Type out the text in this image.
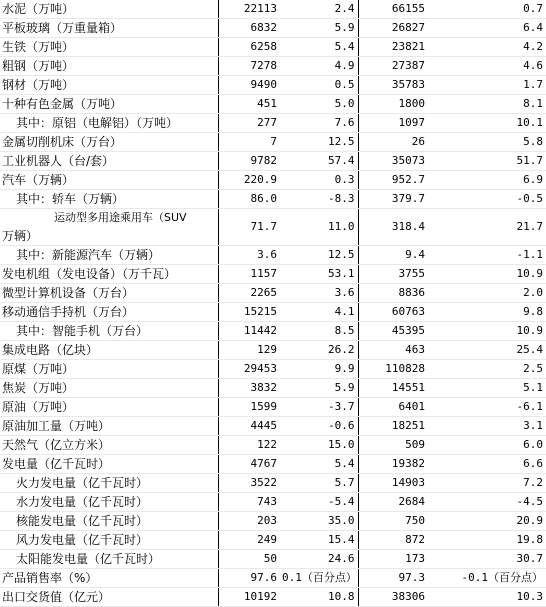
水泥（万吨）	22113	2.4	66155	0.7
平板玻璃（万重量箱）	6832	5.9	26827	6.4
生铁（万吨）	6258	5.4	23821	4.2
粗钢（万吨）	7278	4.9	27387	4.6
钢材（万吨）	9490	0.5	35783	1.7
十种有色金属（万吨）	451	5.0	1800	8.1
其中：原铝（电解铝）（万吨）	277	7.6	1097	10.1
金属切削机床（万台）	7	12.5	26	5.8
工业机器人（台/套）	9782	57.4	35073	51.7
汽车（万辆）	220.9	0.3	952.7	6.9
其中：轿车（万辆）	86.0	-8.3	379.7	-0.5

运动型多用途乘用车（SUV
万辆）	71.7	11.0	318.4	21.7
其中：新能源汽车（万辆）	3.6	12.5	9.4	-1.1
发电机组（发电设备）（万千瓦）	1157	53.1	3755	10.9
微型计算机设备（万台）	2265	3.6	8836	2.0
移动通信手持机（万台）	15215	4.1	60763	9.8
其中：智能手机（万台）	11442	8.5	45395	10.9
集成电路（亿块）	129	26.2	463	25.4
原煤（万吨）	29453	9.9	110828	2.5
焦炭（万吨）	3832	5.9	14551	5.1
原油（万吨）	1599	-3.7	6401	-6.1
原油加工量（万吨）	4445	-0.6	18251	3.1
天然气（亿立方米）	122	15.0	509	6.0
发电量（亿千瓦时）	4767	5.4	19382	6.6
火力发电量（亿千瓦时）	3522	5.7	14903	7.2
水力发电量（亿千瓦时）	743	-5.4	2684	-4.5
核能发电量（亿千瓦时）	203	35.0	750	20.9
风力发电量（亿千瓦时）	249	15.4	872	19.8
太阳能发电量（亿千瓦时）	50	24.6	173	30.7
产品销售率（%）	97.6	0.1（百分点）	97.3	-0.1（百分点）
出口交货值（亿元）	10192	10.8	38306	10.3
